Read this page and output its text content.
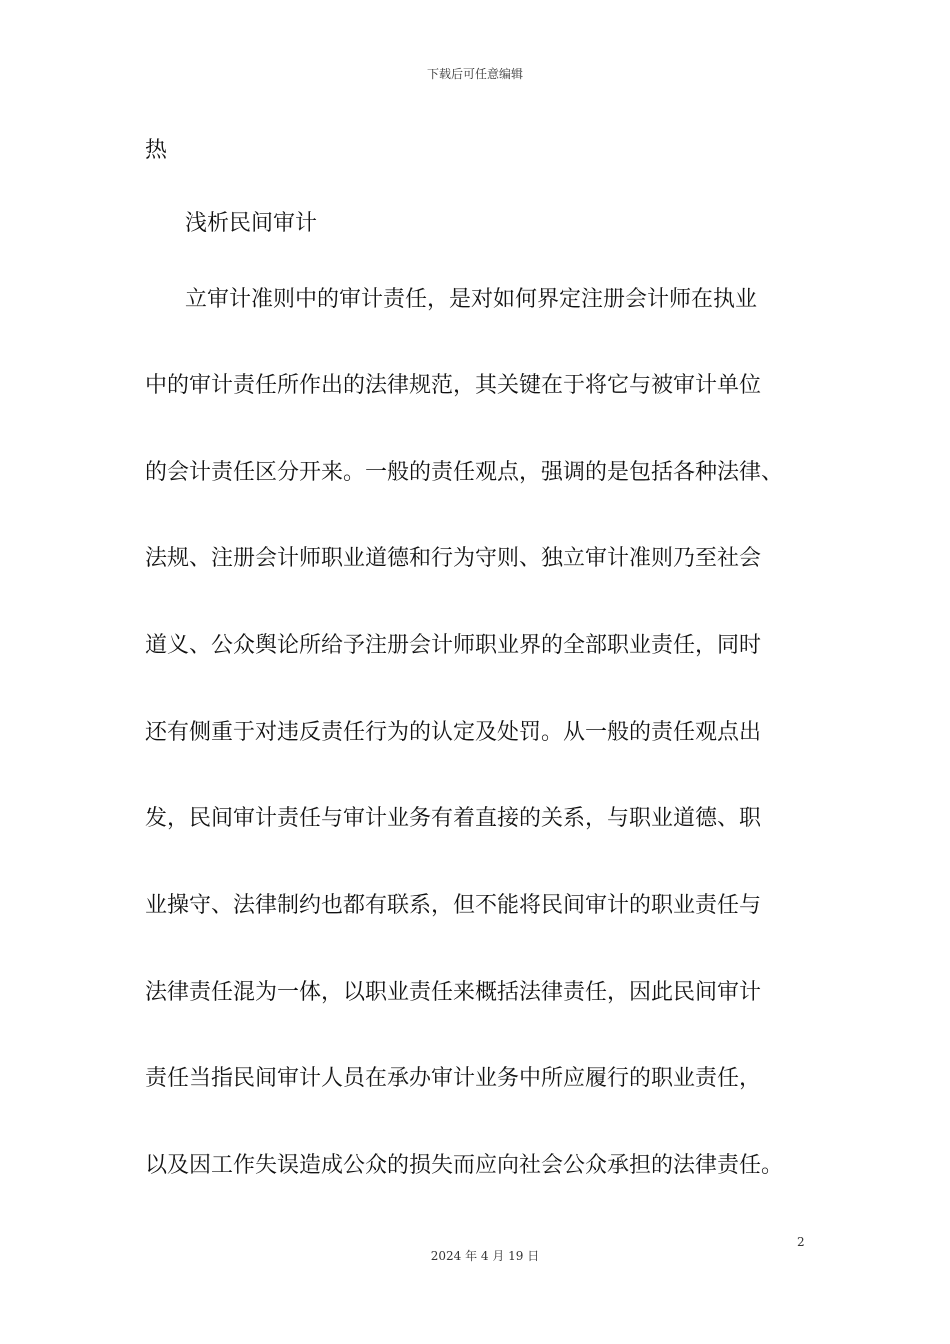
下载后可任意编辑
热
浅析民间审计
立审计准则中的审计责任，是对如何界定注册会计师在执业
中的审计责任所作出的法律规范，其关键在于将它与被审计单位
的会计责任区分开来。一般的责任观点，强调的是包括各种法律、
法规、注册会计师职业道德和行为守则、独立审计准则乃至社会
道义、公众舆论所给予注册会计师职业界的全部职业责任，同时
还有侧重于对违反责任行为的认定及处罚。从一般的责任观点出
发，民间审计责任与审计业务有着直接的关系，与职业道德、职
业操守、法律制约也都有联系，但不能将民间审计的职业责任与
法律责任混为一体，以职业责任来概括法律责任，因此民间审计
责任当指民间审计人员在承办审计业务中所应履行的职业责任，
以及因工作失误造成公众的损失而应向社会公众承担的法律责任。
2
2024 年 4 月 19 日
